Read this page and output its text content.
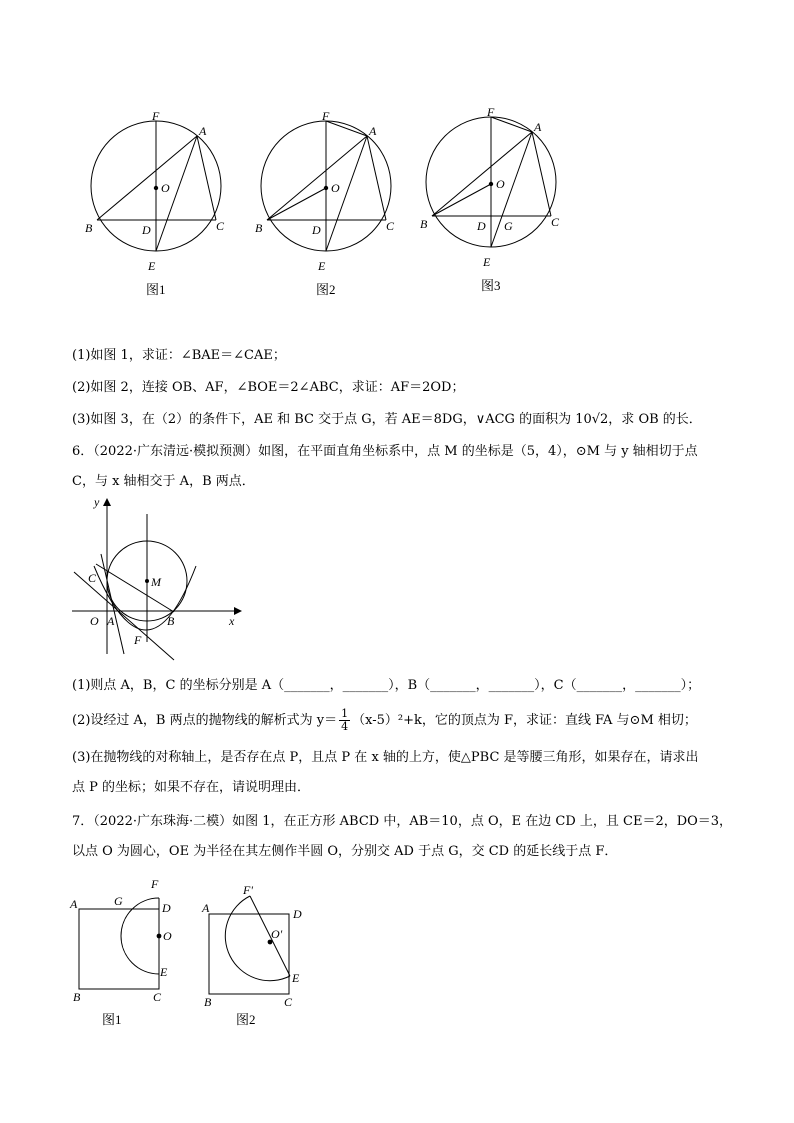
F
A
O
B	D	C
E
图1
F
A
O
B	D	C
E
图2
F
A
O
B	D G	C
E
图3
(1)如图 1，求证：∠BAE＝∠CAE；
(2)如图 2，连接 OB、AF，∠BOE＝2∠ABC，求证：AF＝2OD；
(3)如图 3，在（2）的条件下，AE 和 BC 交于点 G，若 AE＝8DG，∨ACG 的面积为 10√2，求 OB 的长．
6．（2022·广东清远·模拟预测）如图，在平面直角坐标系中，点 M 的坐标是（5，4），⊙M 与 y 轴相切于点
C，与 x 轴相交于 A，B 两点．
y
x
C	M
O A	B
F
(1)则点 A，B，C 的坐标分别是 A（_______，_______），B（_______，_______），C（_______，_______）；
(2)设经过 A，B 两点的抛物线的解析式为 $y= \frac{1}{4} (x-5)^2+k$，它的顶点为 F，求证：直线 FA 与⊙M 相切；
(3)在抛物线的对称轴上，是否存在点 P，且点 P 在 x 轴的上方，使△PBC 是等腰三角形，如果存在，请求出
点 P 的坐标；如果不存在，请说明理由．
7．（2022·广东珠海·二模）如图 1，在正方形 ABCD 中，AB＝10，点 O，E 在边 CD 上，且 CE＝2，DO＝3，
以点 O 为圆心，OE 为半径在其左侧作半圆 O，分别交 AD 于点 G，交 CD 的延长线于点 F．
A	G
F
D
O
E
B	C
图1
A
F'
D
O'
E
B	C
图2
